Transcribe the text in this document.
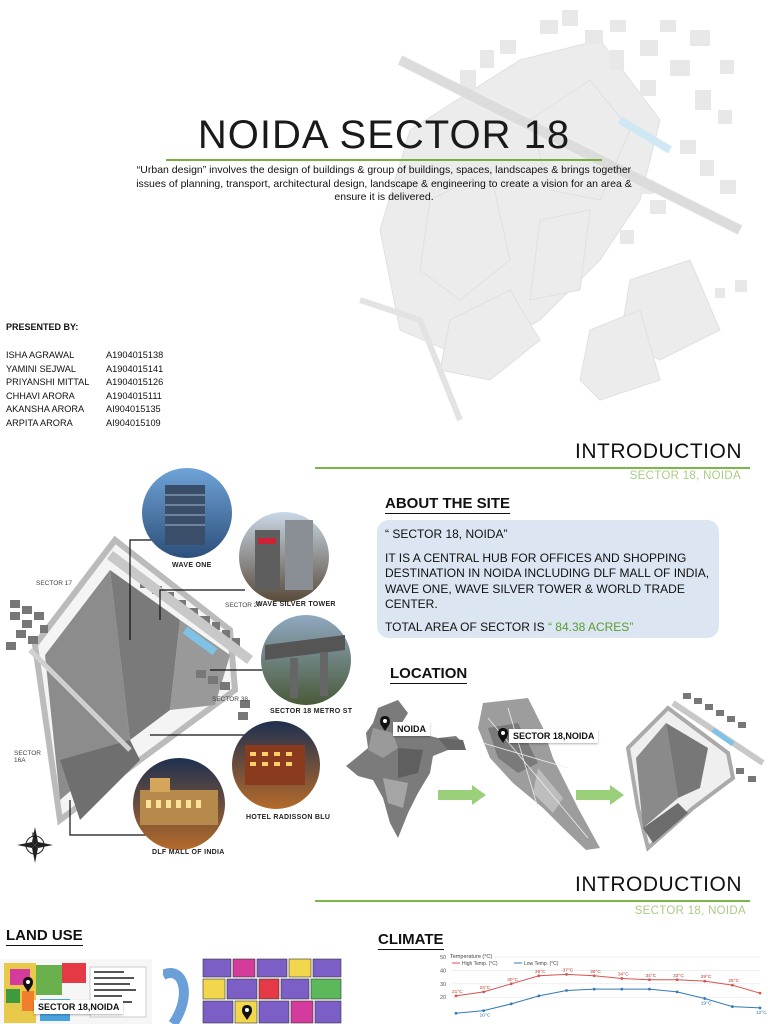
NOIDA SECTOR 18
“Urban design” involves the design of buildings & group of buildings, spaces, landscapes & brings together
issues of planning, transport, architectural design, landscape & engineering to create a vision for an area &
ensure it is delivered.
PRESENTED BY:
ISHA AGRAWAL	A1904015138
YAMINI SEJWAL	A1904015141
PRIYANSHI MITTAL	A1904015126
CHHAVI ARORA	A1904015111
AKANSHA ARORA	AI904015135
ARPITA ARORA	AI904015109
INTRODUCTION
SECTOR 18, NOIDA
SECTOR 17
SECTOR 27
SECTOR 38
SECTOR 16A
WAVE ONE
WAVE SILVER TOWER
SECTOR 18 METRO ST
HOTEL RADISSON BLU
DLF MALL OF INDIA
N
ABOUT THE SITE
“ SECTOR 18, NOIDA”
IT IS A CENTRAL HUB FOR OFFICES AND SHOPPING DESTINATION IN NOIDA INCLUDING DLF MALL OF INDIA, WAVE ONE, WAVE SILVER TOWER & WORLD TRADE CENTER.
TOTAL AREA OF SECTOR IS “ 84.38 ACRES”
LOCATION
NOIDA
SECTOR 18,NOIDA
INTRODUCTION
SECTOR 18, NOIDA
LAND USE	CLIMATE
SECTOR 18,NOIDA
Temperature (°C)
High Temp. (°C)	Low Temp. (°C)
50
40
30
20
21°C
24°C
30°C
36°C	37°C	36°C
34°C	34°C	33°C	29°C
25°C
10°C
19°C
12°C
